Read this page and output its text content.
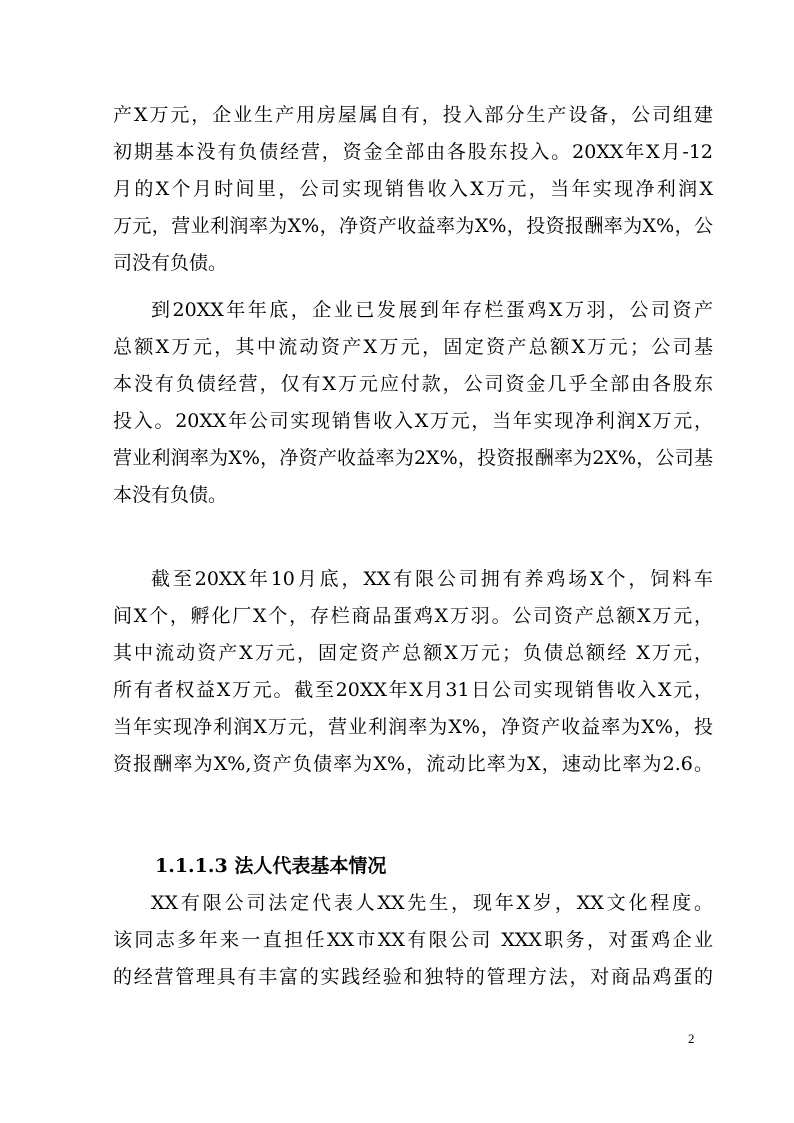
产X万元，企业生产用房屋属自有，投入部分生产设备，公司组建
初期基本没有负债经营，资金全部由各股东投入。20XX年X月-12
月的X个月时间里，公司实现销售收入X万元，当年实现净利润X
万元，营业利润率为X%，净资产收益率为X%，投资报酬率为X%，公
司没有负债。
到20XX年年底，企业已发展到年存栏蛋鸡X万羽，公司资产
总额X万元，其中流动资产X万元，固定资产总额X万元；公司基
本没有负债经营，仅有X万元应付款，公司资金几乎全部由各股东
投入。20XX年公司实现销售收入X万元，当年实现净利润X万元，
营业利润率为X%，净资产收益率为2X%，投资报酬率为2X%，公司基
本没有负债。
截至20XX年10月底，XX有限公司拥有养鸡场X个，饲料车
间X个，孵化厂X个，存栏商品蛋鸡X万羽。公司资产总额X万元，
其中流动资产X万元，固定资产总额X万元；负债总额经 X万元，
所有者权益X万元。截至20XX年X月31日公司实现销售收入X元，
当年实现净利润X万元，营业利润率为X%，净资产收益率为X%，投
资报酬率为X%,资产负债率为X%，流动比率为X，速动比率为2.6。
1.1.1.3 法人代表基本情况
XX有限公司法定代表人XX先生，现年X岁，XX文化程度。
该同志多年来一直担任XX市XX有限公司 XXX职务，对蛋鸡企业
的经营管理具有丰富的实践经验和独特的管理方法，对商品鸡蛋的
2
